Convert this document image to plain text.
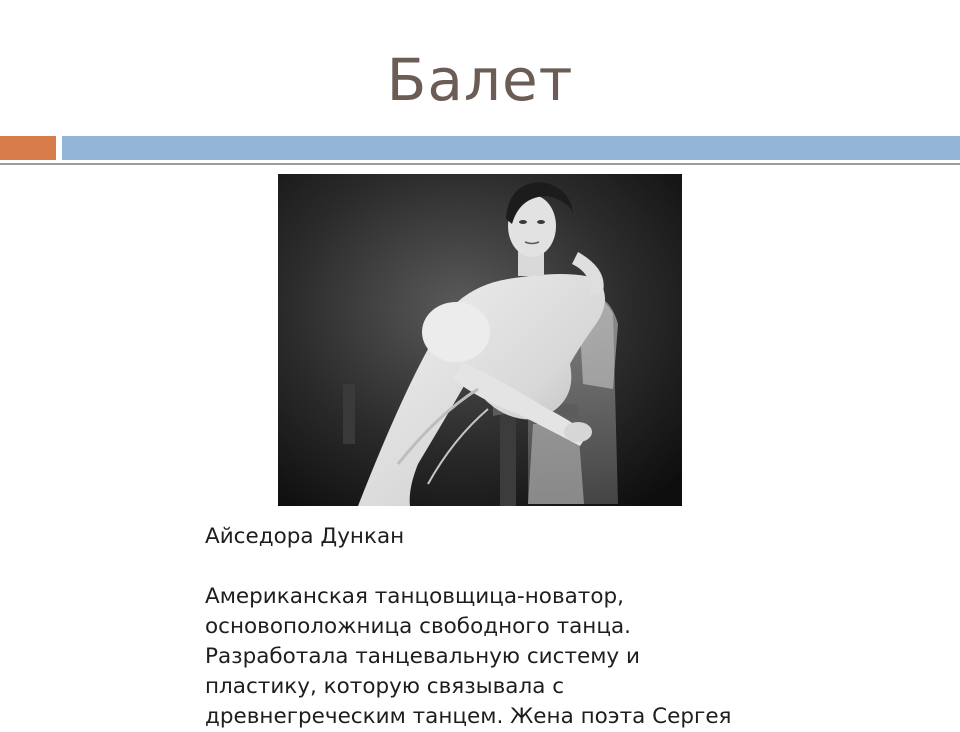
Балет

Айседора Дункан

Американская танцовщица-новатор,

основоположница свободного танца.

Разработала танцевальную систему и

пластику, которую связывала с

древнегреческим танцем. Жена поэта Сергея
